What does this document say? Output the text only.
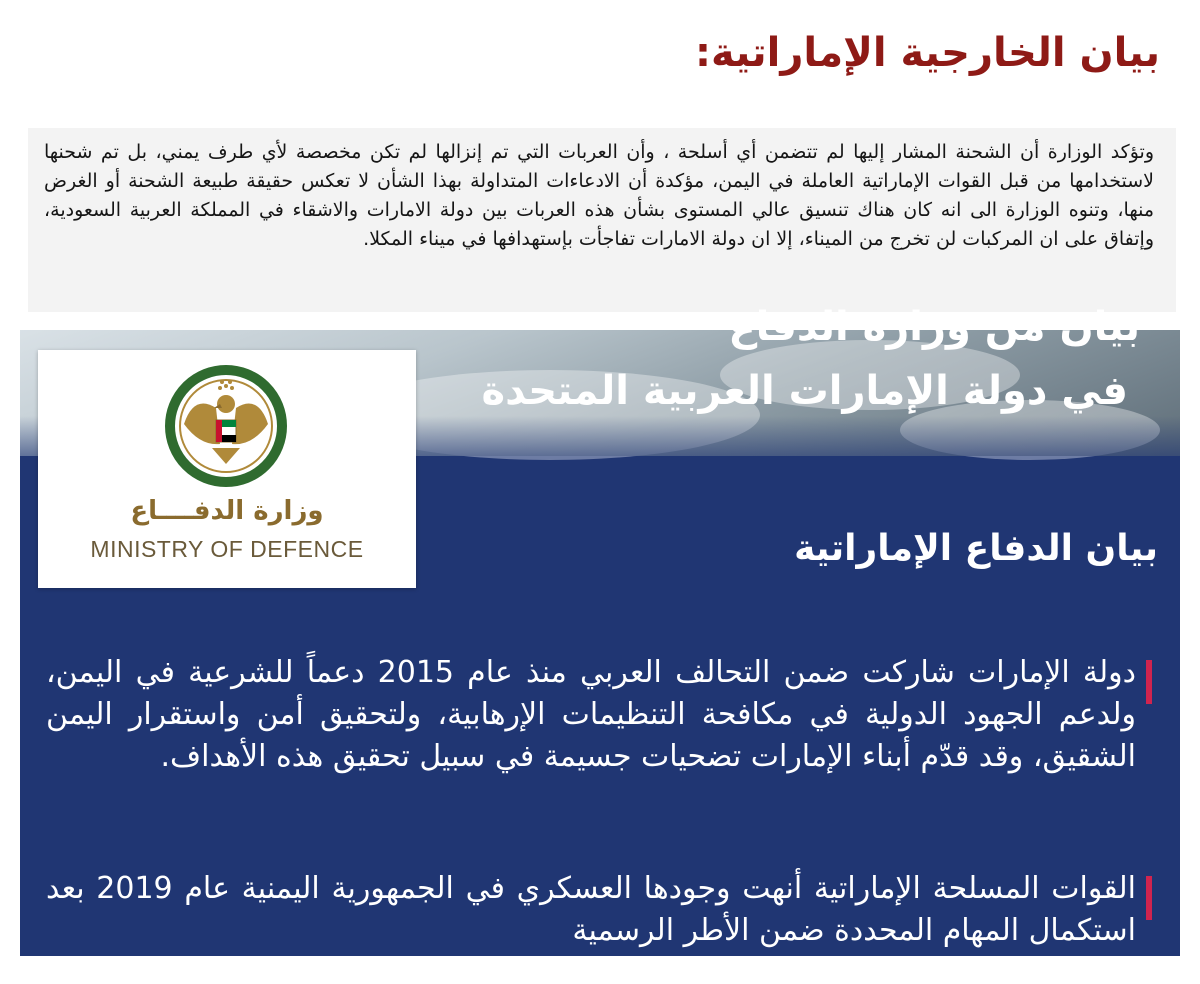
بيان الخارجية الإماراتية:

وتؤكد الوزارة أن الشحنة المشار إليها لم تتضمن أي أسلحة ، وأن العربات التي تم إنزالها لم تكن مخصصة لأي طرف يمني، بل تم شحنها لاستخدامها من قبل القوات الإماراتية العاملة في اليمن، مؤكدة أن الادعاءات المتداولة بهذا الشأن لا تعكس حقيقة طبيعة الشحنة أو الغرض منها، وتنوه الوزارة الى انه كان هناك تنسيق عالي المستوى بشأن هذه العربات بين دولة الامارات والاشقاء في المملكة العربية السعودية، وإتفاق على ان المركبات لن تخرج من الميناء، إلا ان دولة الامارات تفاجأت بإستهدافها في ميناء المكلا.

بيان من وزارة الدفاع
في دولة الإمارات العربية المتحدة

وزارة الدفــــاع

MINISTRY OF DEFENCE	بيان الدفاع الإماراتية

دولة الإمارات شاركت ضمن التحالف العربي منذ عام 2015 دعماً للشرعية في اليمن، ولدعم الجهود الدولية في مكافحة التنظيمات الإرهابية، ولتحقيق أمن واستقرار اليمن الشقيق، وقد قدّم أبناء الإمارات تضحيات جسيمة في سبيل تحقيق هذه الأهداف.

القوات المسلحة الإماراتية أنهت وجودها العسكري في الجمهورية اليمنية عام 2019 بعد استكمال المهام المحددة ضمن الأطر الرسمية
